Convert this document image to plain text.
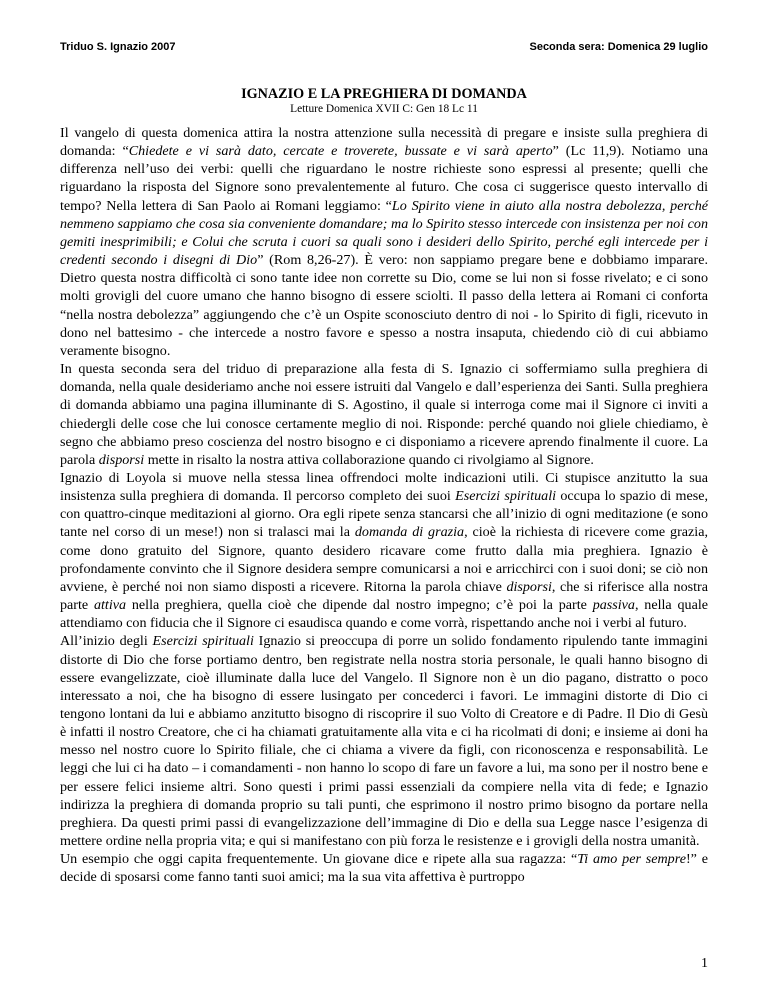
Triduo S. Ignazio 2007	Seconda sera: Domenica 29 luglio
IGNAZIO E LA PREGHIERA DI DOMANDA
Letture Domenica XVII C: Gen 18 Lc 11

Il vangelo di questa domenica attira la nostra attenzione sulla necessità di pregare e insiste sulla preghiera di domanda: “Chiedete e vi sarà dato, cercate e troverete, bussate e vi sarà aperto” (Lc 11,9). Notiamo una differenza nell’uso dei verbi: quelli che riguardano le nostre richieste sono espressi al presente; quelli che riguardano la risposta del Signore sono prevalentemente al futuro. Che cosa ci suggerisce questo intervallo di tempo? Nella lettera di San Paolo ai Romani leggiamo: “Lo Spirito viene in aiuto alla nostra debolezza, perché nemmeno sappiamo che cosa sia conveniente domandare; ma lo Spirito stesso intercede con insistenza per noi con gemiti inesprimibili; e Colui che scruta i cuori sa quali sono i desideri dello Spirito, perché egli intercede per i credenti secondo i disegni di Dio” (Rom 8,26-27). È vero: non sappiamo pregare bene e dobbiamo imparare. Dietro questa nostra difficoltà ci sono tante idee non corrette su Dio, come se lui non si fosse rivelato; e ci sono molti grovigli del cuore umano che hanno bisogno di essere sciolti. Il passo della lettera ai Romani ci conforta “nella nostra debolezza” aggiungendo che c’è un Ospite sconosciuto dentro di noi - lo Spirito di figli, ricevuto in dono nel battesimo - che intercede a nostro favore e spesso a nostra insaputa, chiedendo ciò di cui abbiamo veramente bisogno.

In questa seconda sera del triduo di preparazione alla festa di S. Ignazio ci soffermiamo sulla preghiera di domanda, nella quale desideriamo anche noi essere istruiti dal Vangelo e dall’esperienza dei Santi. Sulla preghiera di domanda abbiamo una pagina illuminante di S. Agostino, il quale si interroga come mai il Signore ci inviti a chiedergli delle cose che lui conosce certamente meglio di noi. Risponde: perché quando noi gliele chiediamo, è segno che abbiamo preso coscienza del nostro bisogno e ci disponiamo a ricevere aprendo finalmente il cuore. La parola disporsi mette in risalto la nostra attiva collaborazione quando ci rivolgiamo al Signore.

Ignazio di Loyola si muove nella stessa linea offrendoci molte indicazioni utili. Ci stupisce anzitutto la sua insistenza sulla preghiera di domanda. Il percorso completo dei suoi Esercizi spirituali occupa lo spazio di mese, con quattro-cinque meditazioni al giorno. Ora egli ripete senza stancarsi che all’inizio di ogni meditazione (e sono tante nel corso di un mese!) non si tralasci mai la domanda di grazia, cioè la richiesta di ricevere come grazia, come dono gratuito del Signore, quanto desidero ricavare come frutto dalla mia preghiera. Ignazio è profondamente convinto che il Signore desidera sempre comunicarsi a noi e arricchirci con i suoi doni; se ciò non avviene, è perché noi non siamo disposti a ricevere. Ritorna la parola chiave disporsi, che si riferisce alla nostra parte attiva nella preghiera, quella cioè che dipende dal nostro impegno; c’è poi la parte passiva, nella quale attendiamo con fiducia che il Signore ci esaudisca quando e come vorrà, rispettando anche noi i verbi al futuro.

All’inizio degli Esercizi spirituali Ignazio si preoccupa di porre un solido fondamento ripulendo tante immagini distorte di Dio che forse portiamo dentro, ben registrate nella nostra storia personale, le quali hanno bisogno di essere evangelizzate, cioè illuminate dalla luce del Vangelo. Il Signore non è un dio pagano, distratto o poco interessato a noi, che ha bisogno di essere lusingato per concederci i favori. Le immagini distorte di Dio ci tengono lontani da lui e abbiamo anzitutto bisogno di riscoprire il suo Volto di Creatore e di Padre. Il Dio di Gesù è infatti il nostro Creatore, che ci ha chiamati gratuitamente alla vita e ci ha ricolmati di doni; e insieme ai doni ha messo nel nostro cuore lo Spirito filiale, che ci chiama a vivere da figli, con riconoscenza e responsabilità. Le leggi che lui ci ha dato – i comandamenti - non hanno lo scopo di fare un favore a lui, ma sono per il nostro bene e per essere felici insieme altri. Sono questi i primi passi essenziali da compiere nella vita di fede; e Ignazio indirizza la preghiera di domanda proprio su tali punti, che esprimono il nostro primo bisogno da portare nella preghiera. Da questi primi passi di evangelizzazione dell’immagine di Dio e della sua Legge nasce l’esigenza di mettere ordine nella propria vita; e qui si manifestano con più forza le resistenze e i grovigli della nostra umanità.

Un esempio che oggi capita frequentemente. Un giovane dice e ripete alla sua ragazza: “Ti amo per sempre!” e decide di sposarsi come fanno tanti suoi amici; ma la sua vita affettiva è purtroppo

1
